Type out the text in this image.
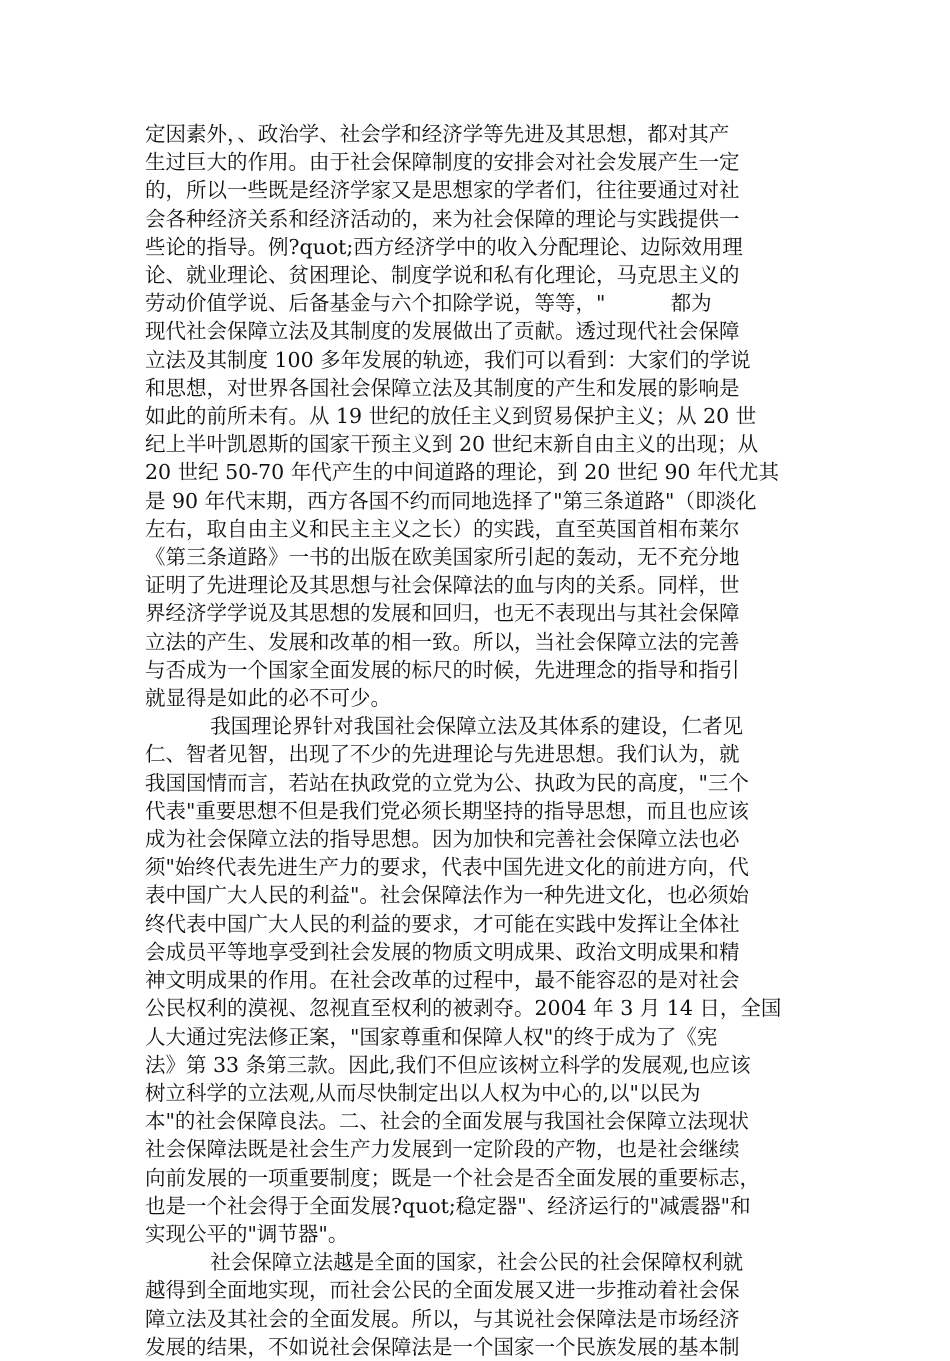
定因素外，、政治学、社会学和经济学等先进及其思想，都对其产
生过巨大的作用。由于社会保障制度的安排会对社会发展产生一定
的，所以一些既是经济学家又是思想家的学者们，往往要通过对社
会各种经济关系和经济活动的，来为社会保障的理论与实践提供一
些论的指导。例?quot;西方经济学中的收入分配理论、边际效用理
论、就业理论、贫困理论、制度学说和私有化理论，马克思主义的
劳动价值学说、后备基金与六个扣除学说，等等，"          都为
现代社会保障立法及其制度的发展做出了贡献。透过现代社会保障
立法及其制度 100 多年发展的轨迹，我们可以看到：大家们的学说
和思想，对世界各国社会保障立法及其制度的产生和发展的影响是
如此的前所未有。从 19 世纪的放任主义到贸易保护主义；从 20 世
纪上半叶凯恩斯的国家干预主义到 20 世纪末新自由主义的出现；从
20 世纪 50-70 年代产生的中间道路的理论，到 20 世纪 90 年代尤其
是 90 年代末期，西方各国不约而同地选择了"第三条道路"（即淡化
左右，取自由主义和民主主义之长）的实践，直至英国首相布莱尔
《第三条道路》一书的出版在欧美国家所引起的轰动，无不充分地
证明了先进理论及其思想与社会保障法的血与肉的关系。同样，世
界经济学学说及其思想的发展和回归，也无不表现出与其社会保障
立法的产生、发展和改革的相一致。所以，当社会保障立法的完善
与否成为一个国家全面发展的标尺的时候，先进理念的指导和指引
就显得是如此的必不可少。
我国理论界针对我国社会保障立法及其体系的建设，仁者见
仁、智者见智，出现了不少的先进理论与先进思想。我们认为，就
我国国情而言，若站在执政党的立党为公、执政为民的高度，"三个
代表"重要思想不但是我们党必须长期坚持的指导思想，而且也应该
成为社会保障立法的指导思想。因为加快和完善社会保障立法也必
须"始终代表先进生产力的要求，代表中国先进文化的前进方向，代
表中国广大人民的利益"。社会保障法作为一种先进文化，也必须始
终代表中国广大人民的利益的要求，才可能在实践中发挥让全体社
会成员平等地享受到社会发展的物质文明成果、政治文明成果和精
神文明成果的作用。在社会改革的过程中，最不能容忍的是对社会
公民权利的漠视、忽视直至权利的被剥夺。2004 年 3 月 14 日，全国
人大通过宪法修正案，"国家尊重和保障人权"的终于成为了《宪
法》第 33 条第三款。因此,我们不但应该树立科学的发展观,也应该
树立科学的立法观,从而尽快制定出以人权为中心的,以"以民为
本"的社会保障良法。二、社会的全面发展与我国社会保障立法现状
社会保障法既是社会生产力发展到一定阶段的产物，也是社会继续
向前发展的一项重要制度；既是一个社会是否全面发展的重要标志，
也是一个社会得于全面发展?quot;稳定器"、经济运行的"减震器"和
实现公平的"调节器"。
社会保障立法越是全面的国家，社会公民的社会保障权利就
越得到全面地实现，而社会公民的全面发展又进一步推动着社会保
障立法及其社会的全面发展。所以，与其说社会保障法是市场经济
发展的结果，不如说社会保障法是一个国家一个民族发展的基本制
